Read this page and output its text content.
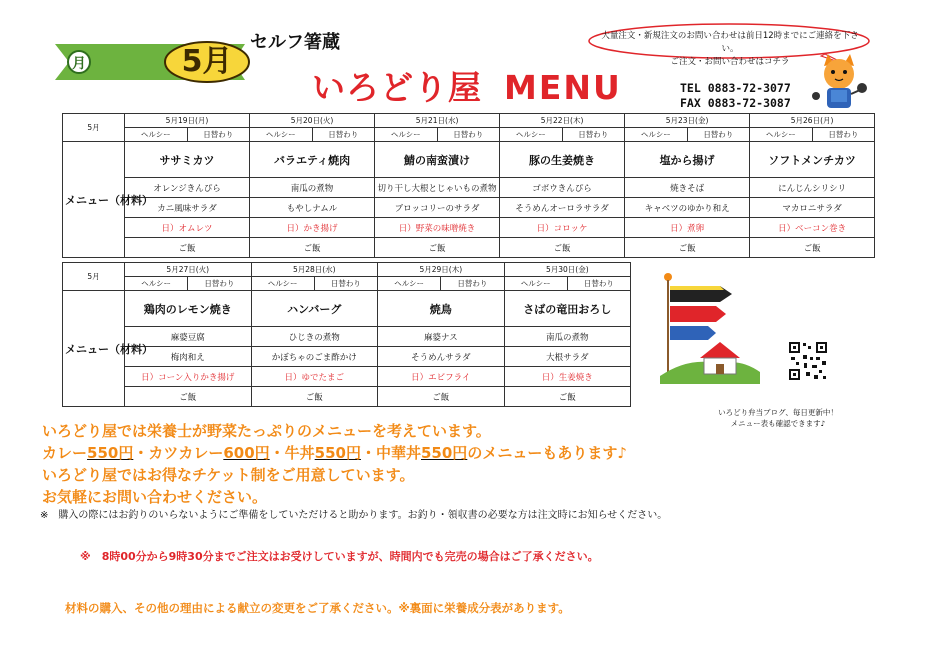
月	5月
セルフ箸蔵
いろどり屋 MENU
大量注文・新規注文のお問い合わせは前日12時までにご連絡を下さい。
ご注文・お問い合わせはコチラ
TEL 0883-72-3077
FAX 0883-72-3087
5月	5月19日(月)		5月20日(火)		5月21日(水)		5月22日(木)		5月23日(金)		5月26日(月)	
	ヘルシー	日替わり	ヘルシー	日替わり	ヘルシー	日替わり	ヘルシー	日替わり	ヘルシー	日替わり	ヘルシー	日替わり
メニュー（材料）	ササミカツ		バラエティ焼肉		鯖の南蛮漬け		豚の生姜焼き		塩から揚げ		ソフトメンチカツ	
	オレンジきんぴら		南瓜の煮物		切り干し大根とじゃいもの煮物		ゴボウきんぴら		焼きそば		にんじんシリシリ	
	カニ風味サラダ		もやしナムル		ブロッコリーのサラダ		そうめんオーロラサラダ		キャベツのゆかり和え		マカロニサラダ	
	日）オムレツ		日）かき揚げ		日）野菜の味噌焼き		日）コロッケ		日）煮卵		日）ベーコン巻き	
	ご飯		ご飯		ご飯		ご飯		ご飯		ご飯	
5月	5月27日(火)		5月28日(水)		5月29日(木)		5月30日(金)	
	ヘルシー	日替わり	ヘルシー	日替わり	ヘルシー	日替わり	ヘルシー	日替わり
メニュー（材料）	鶏肉のレモン焼き		ハンバーグ		焼鳥		さばの竜田おろし	
	麻婆豆腐		ひじきの煮物		麻婆ナス		南瓜の煮物	
	梅肉和え		かぼちゃのごま酢かけ		そうめんサラダ		大根サラダ	
	日）コーン入りかき揚げ		日）ゆでたまご		日）エビフライ		日）生姜焼き	
	ご飯		ご飯		ご飯		ご飯	
いろどり弁当ブログ、毎日更新中！
メニュー表も確認できます♪
いろどり屋では栄養士が野菜たっぷりのメニューを考えています。
カレー550円・カツカレー600円・牛丼550円・中華丼550円のメニューもあります♪
いろどり屋ではお得なチケット制をご用意しています。
お気軽にお問い合わせください。
※　購入の際にはお釣りのいらないようにご準備をしていただけると助かります。お釣り・領収書の必要な方は注文時にお知らせください。
※　8時00分から9時30分までご注文はお受けしていますが、時間内でも完売の場合はご了承ください。
材料の購入、その他の理由による献立の変更をご了承ください。※裏面に栄養成分表があります。
